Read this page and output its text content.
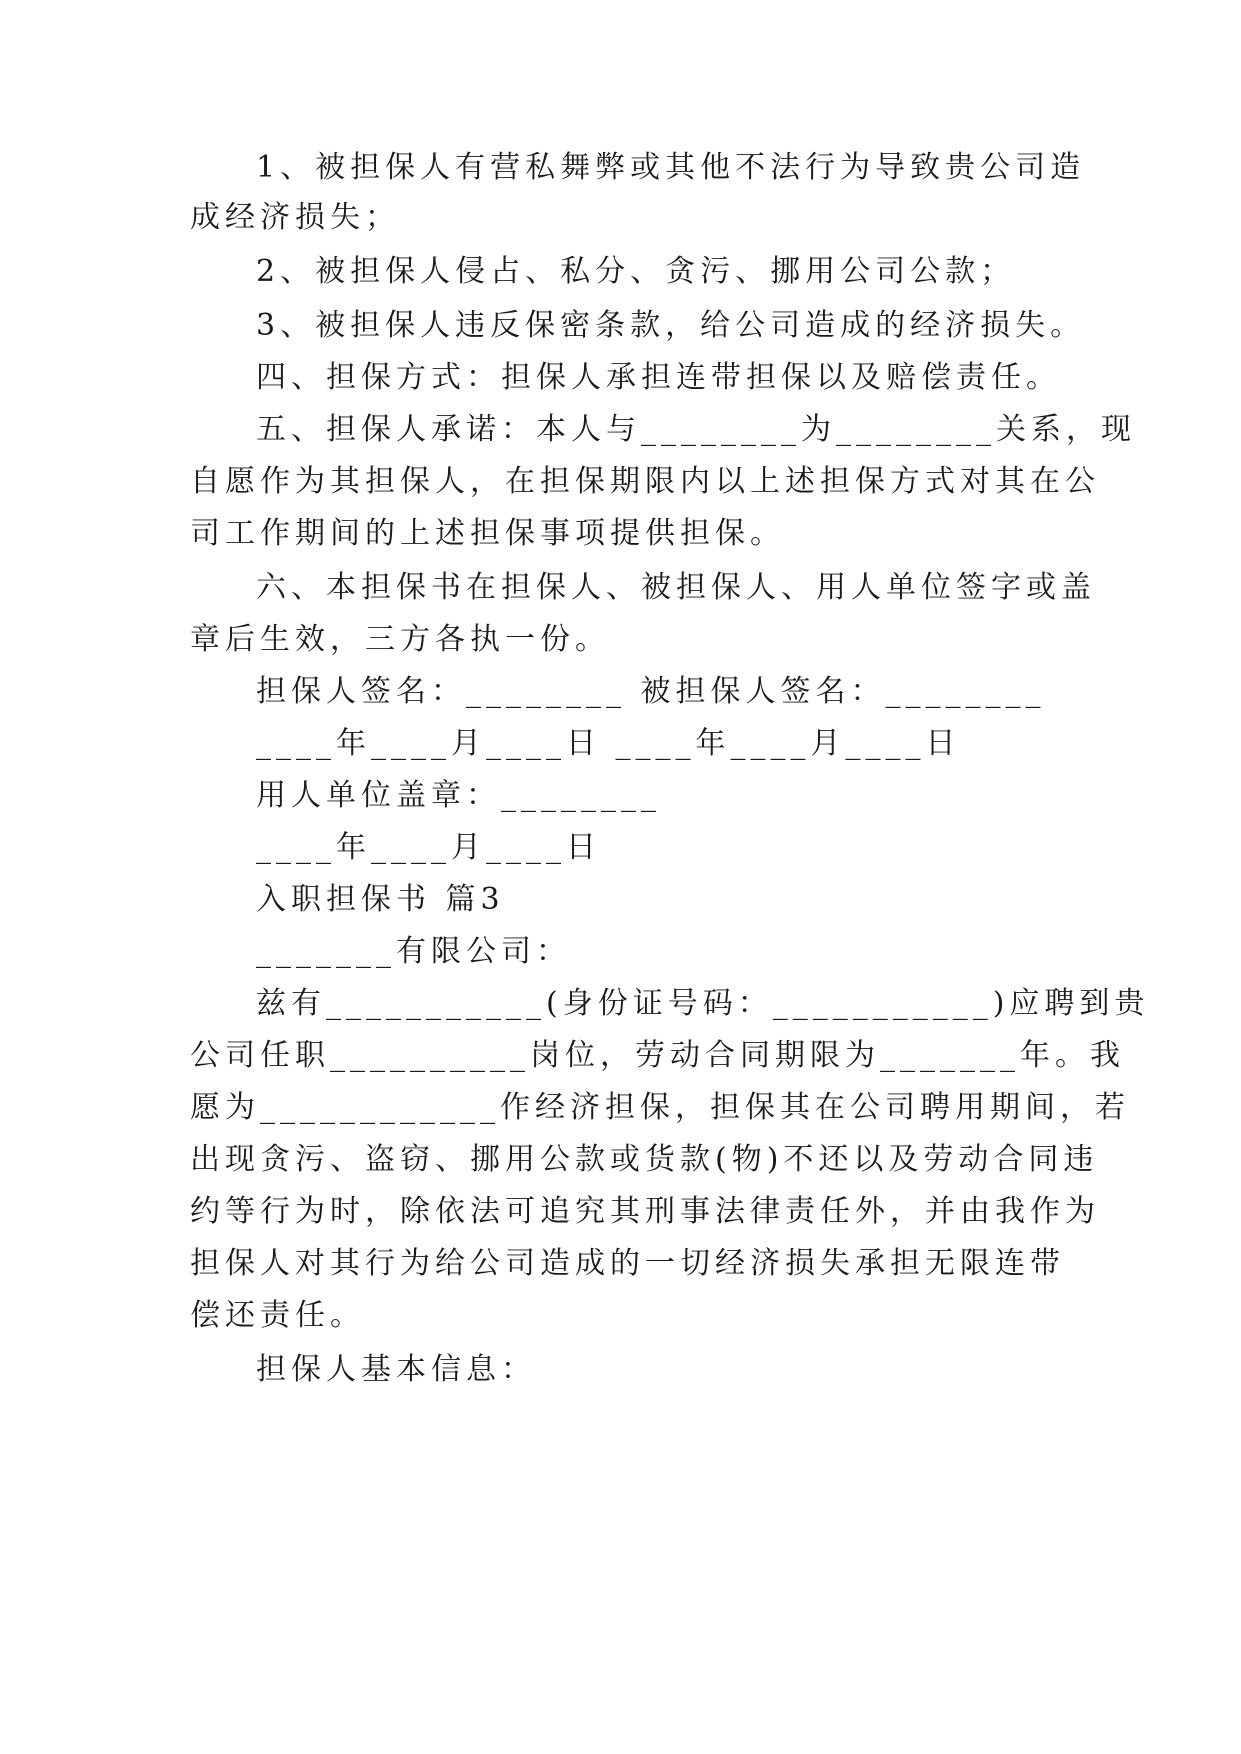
1、被担保人有营私舞弊或其他不法行为导致贵公司造
成经济损失；
2、被担保人侵占、私分、贪污、挪用公司公款；
3、被担保人违反保密条款，给公司造成的经济损失。
四、担保方式：担保人承担连带担保以及赔偿责任。
五、担保人承诺：本人与________为________关系，现
自愿作为其担保人，在担保期限内以上述担保方式对其在公
司工作期间的上述担保事项提供担保。
六、本担保书在担保人、被担保人、用人单位签字或盖
章后生效，三方各执一份。
担保人签名：________ 被担保人签名：________
____年____月____日 ____年____月____日
用人单位盖章：________
____年____月____日
入职担保书 篇3
_______有限公司：
兹有___________(身份证号码：___________)应聘到贵
公司任职__________岗位，劳动合同期限为_______年。我
愿为____________作经济担保，担保其在公司聘用期间，若
出现贪污、盗窃、挪用公款或货款(物)不还以及劳动合同违
约等行为时，除依法可追究其刑事法律责任外，并由我作为
担保人对其行为给公司造成的一切经济损失承担无限连带
偿还责任。
担保人基本信息：
